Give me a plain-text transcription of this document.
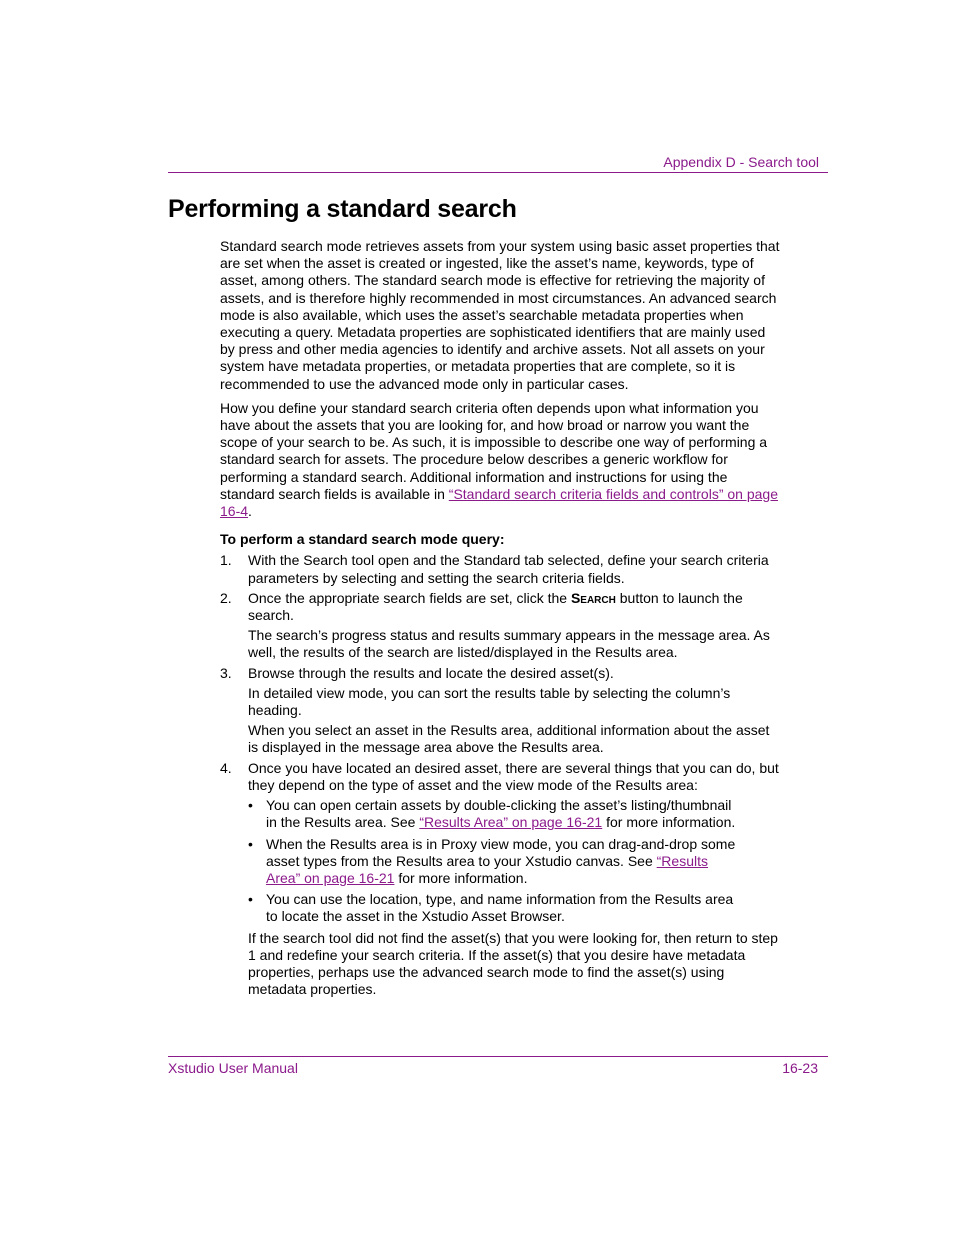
Appendix D - Search tool
Performing a standard search

Standard search mode retrieves assets from your system using basic asset properties that are set when the asset is created or ingested, like the asset’s name, keywords, type of asset, among others. The standard search mode is effective for retrieving the majority of assets, and is therefore highly recommended in most circumstances. An advanced search mode is also available, which uses the asset’s searchable metadata properties when executing a query. Metadata properties are sophisticated identifiers that are mainly used by press and other media agencies to identify and archive assets. Not all assets on your system have metadata properties, or metadata properties that are complete, so it is recommended to use the advanced mode only in particular cases.

How you define your standard search criteria often depends upon what information you have about the assets that you are looking for, and how broad or narrow you want the scope of your search to be. As such, it is impossible to describe one way of performing a standard search for assets. The procedure below describes a generic workflow for performing a standard search. Additional information and instructions for using the standard search fields is available in “Standard search criteria fields and controls” on page 16-4.

To perform a standard search mode query:
1.	With the Search tool open and the Standard tab selected, define your search criteria parameters by selecting and setting the search criteria fields.
2.	Once the appropriate search fields are set, click the Search button to launch the search.
The search’s progress status and results summary appears in the message area. As well, the results of the search are listed/displayed in the Results area.
3.	Browse through the results and locate the desired asset(s).
In detailed view mode, you can sort the results table by selecting the column’s heading.
When you select an asset in the Results area, additional information about the asset is displayed in the message area above the Results area.
4.	Once you have located an desired asset, there are several things that you can do, but they depend on the type of asset and the view mode of the Results area:
• You can open certain assets by double-clicking the asset’s listing/thumbnail in the Results area. See “Results Area” on page 16-21 for more information.
• When the Results area is in Proxy view mode, you can drag-and-drop some asset types from the Results area to your Xstudio canvas. See “Results Area” on page 16-21 for more information.
• You can use the location, type, and name information from the Results area to locate the asset in the Xstudio Asset Browser.
If the search tool did not find the asset(s) that you were looking for, then return to step 1 and redefine your search criteria. If the asset(s) that you desire have metadata properties, perhaps use the advanced search mode to find the asset(s) using metadata properties.
Xstudio User Manual	16-23
